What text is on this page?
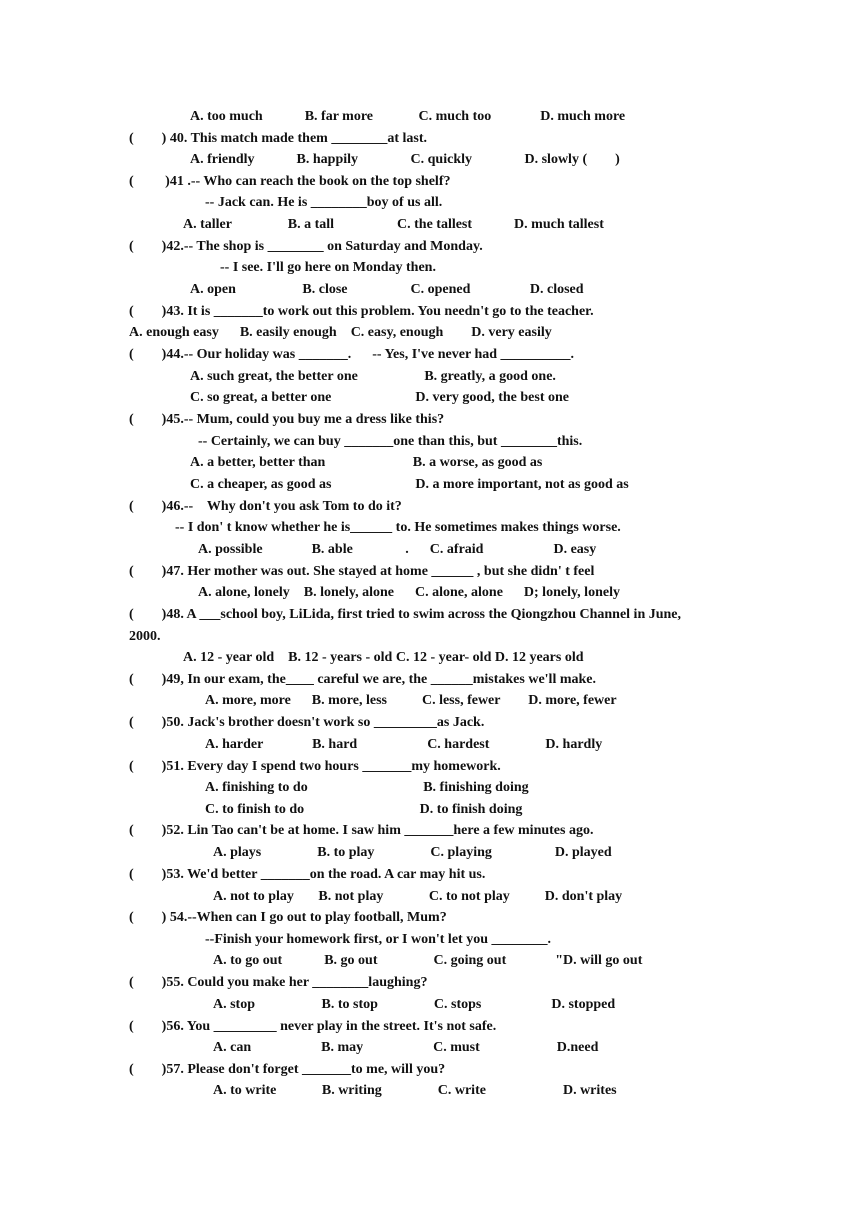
A. too much            B. far more             C. much too              D. much more
(        ) 40. This match made them ________at last.
A. friendly            B. happily               C. quickly               D. slowly (        )
(         )41 .-- Who can reach the book on the top shelf?
-- Jack can. He is ________boy of us all.
A. taller                B. a tall                  C. the tallest            D. much tallest
(        )42.-- The shop is ________ on Saturday and Monday.
-- I see. I'll go here on Monday then.
A. open                   B. close                  C. opened                 D. closed
(        )43. It is _______to work out this problem. You needn't go to the teacher.
A. enough easy      B. easily enough    C. easy, enough        D. very easily
(        )44.-- Our holiday was _______.      -- Yes, I've never had __________.
A. such great, the better one                   B. greatly, a good one.
C. so great, a better one                        D. very good, the best one
(        )45.-- Mum, could you buy me a dress like this?
-- Certainly, we can buy _______one than this, but ________this.
A. a better, better than                         B. a worse, as good as
C. a cheaper, as good as                        D. a more important, not as good as
(        )46.--    Why don't you ask Tom to do it?
-- I don' t know whether he is______ to. He sometimes makes things worse.
A. possible              B. able               .      C. afraid                    D. easy
(        )47. Her mother was out. She stayed at home ______ , but she didn' t feel
A. alone, lonely    B. lonely, alone      C. alone, alone      D; lonely, lonely
(        )48. A ___school boy, LiLida, first tried to swim across the Qiongzhou Channel in June,
2000.
A. 12 - year old    B. 12 - years - old C. 12 - year- old D. 12 years old
(        )49, In our exam, the____ careful we are, the ______mistakes we'll make.
A. more, more      B. more, less          C. less, fewer        D. more, fewer
(        )50. Jack's brother doesn't work so _________as Jack.
A. harder              B. hard                    C. hardest                D. hardly
(        )51. Every day I spend two hours _______my homework.
A. finishing to do                                 B. finishing doing
C. to finish to do                                 D. to finish doing
(        )52. Lin Tao can't be at home. I saw him _______here a few minutes ago.
A. plays                B. to play                C. playing                  D. played
(        )53. We'd better _______on the road. A car may hit us.
A. not to play       B. not play             C. to not play          D. don't play
(        ) 54.--When can I go out to play football, Mum?
--Finish your homework first, or I won't let you ________.
A. to go out            B. go out                C. going out              "D. will go out
(        )55. Could you make her ________laughing?
A. stop                   B. to stop                C. stops                    D. stopped
(        )56. You _________ never play in the street. It's not safe.
A. can                    B. may                    C. must                      D.need
(        )57. Please don't forget _______to me, will you?
A. to write             B. writing                C. write                      D. writes
